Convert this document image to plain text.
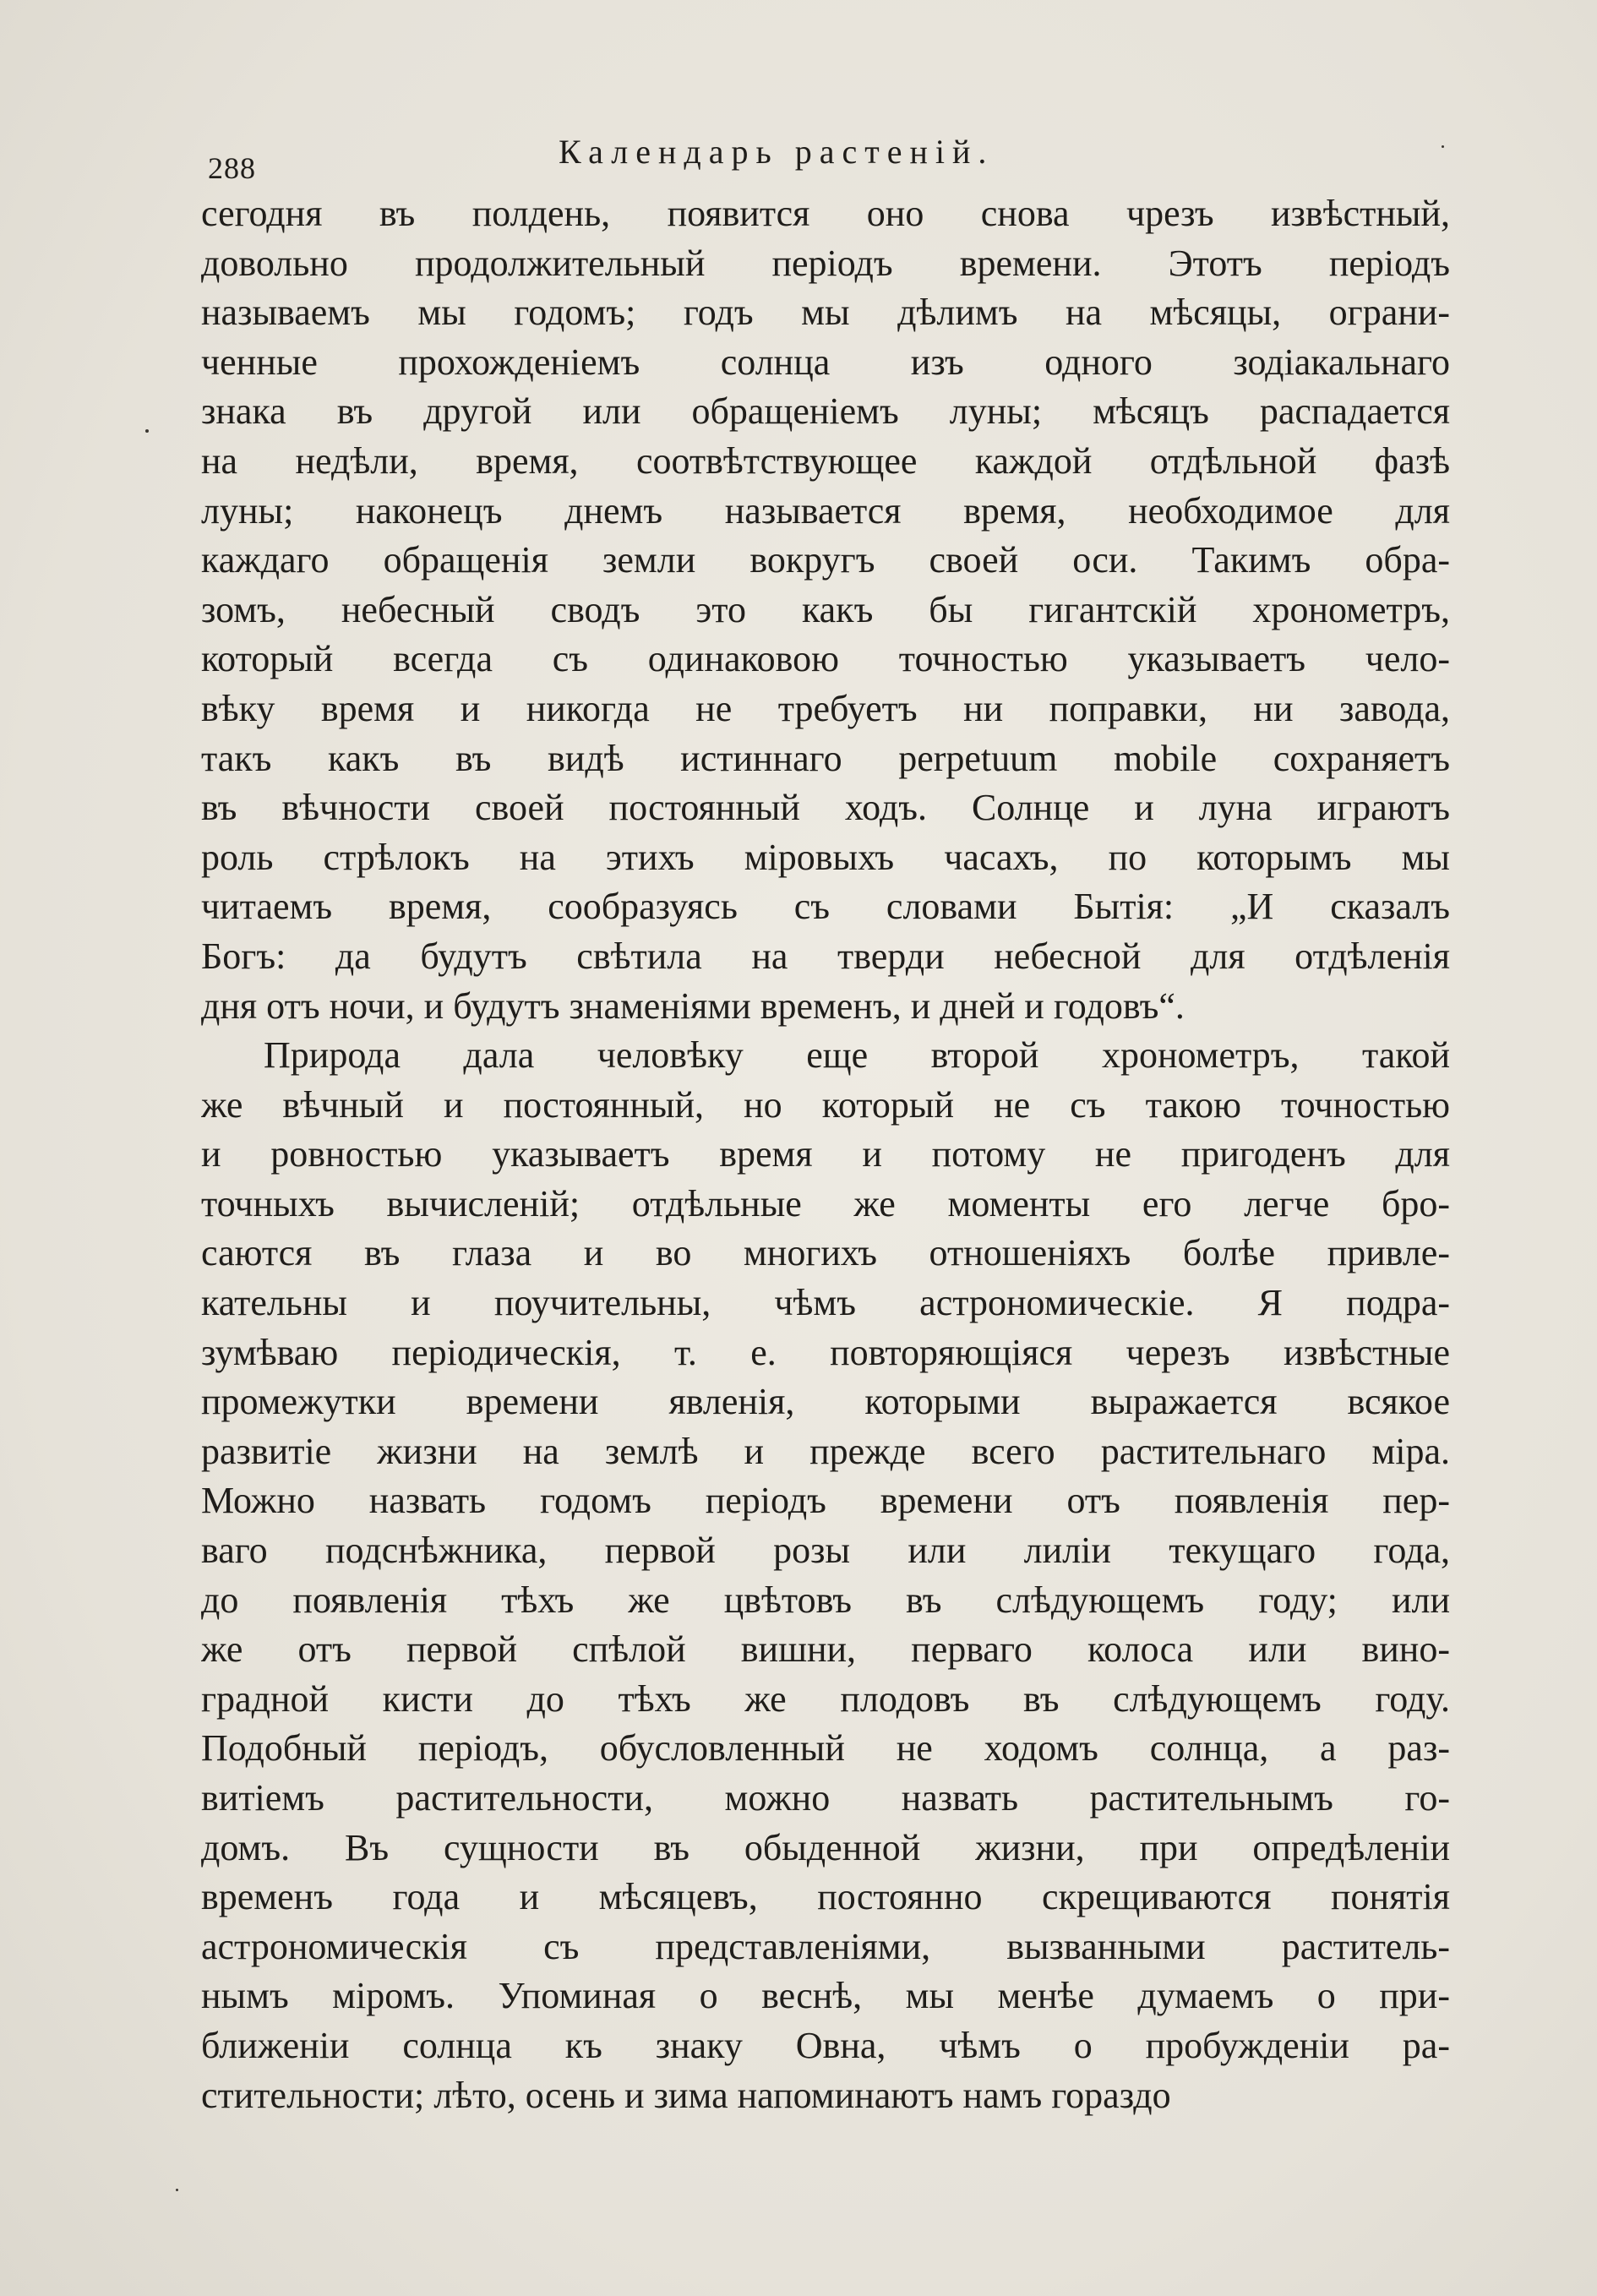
288	Календарь растеній.
сегодня въ полдень, появится оно снова чрезъ извѣстный,
довольно продолжительный періодъ времени. Этотъ періодъ
называемъ мы годомъ; годъ мы дѣлимъ на мѣсяцы, ограни-
ченные прохожденіемъ солнца изъ одного зодіакальнаго
знака въ другой или обращеніемъ луны; мѣсяцъ распадается
на недѣли, время, соотвѣтствующее каждой отдѣльной фазѣ
луны; наконецъ днемъ называется время, необходимое для
каждаго обращенія земли вокругъ своей оси. Такимъ обра-
зомъ, небесный сводъ это какъ бы гигантскій хронометръ,
который всегда съ одинаковою точностью указываетъ чело-
вѣку время и никогда не требуетъ ни поправки, ни завода,
такъ какъ въ видѣ истиннаго perpetuum mobile сохраняетъ
въ вѣчности своей постоянный ходъ. Солнце и луна играютъ
роль стрѣлокъ на этихъ міровыхъ часахъ, по которымъ мы
читаемъ время, сообразуясь съ словами Бытія: „И сказалъ
Богъ: да будутъ свѣтила на тверди небесной для отдѣленія
дня отъ ночи, и будутъ знаменіями временъ, и дней и годовъ“.
Природа дала человѣку еще второй хронометръ, такой
же вѣчный и постоянный, но который не съ такою точностью
и ровностью указываетъ время и потому не пригоденъ для
точныхъ вычисленій; отдѣльные же моменты его легче бро-
саются въ глаза и во многихъ отношеніяхъ болѣе привле-
кательны и поучительны, чѣмъ астрономическіе. Я подра-
зумѣваю періодическія, т. е. повторяющіяся черезъ извѣстные
промежутки времени явленія, которыми выражается всякое
развитіе жизни на землѣ и прежде всего растительнаго міра.
Можно назвать годомъ періодъ времени отъ появленія пер-
ваго подснѣжника, первой розы или лиліи текущаго года,
до появленія тѣхъ же цвѣтовъ въ слѣдующемъ году; или
же отъ первой спѣлой вишни, перваго колоса или вино-
градной кисти до тѣхъ же плодовъ въ слѣдующемъ году.
Подобный періодъ, обусловленный не ходомъ солнца, а раз-
витіемъ растительности, можно назвать растительнымъ го-
домъ. Въ сущности въ обыденной жизни, при опредѣленіи
временъ года и мѣсяцевъ, постоянно скрещиваются понятія
астрономическія съ представленіями, вызванными раститель-
нымъ міромъ. Упоминая о веснѣ, мы менѣе думаемъ о при-
ближеніи солнца къ знаку Овна, чѣмъ о пробужденіи ра-
стительности; лѣто, осень и зима напоминаютъ намъ гораздо
